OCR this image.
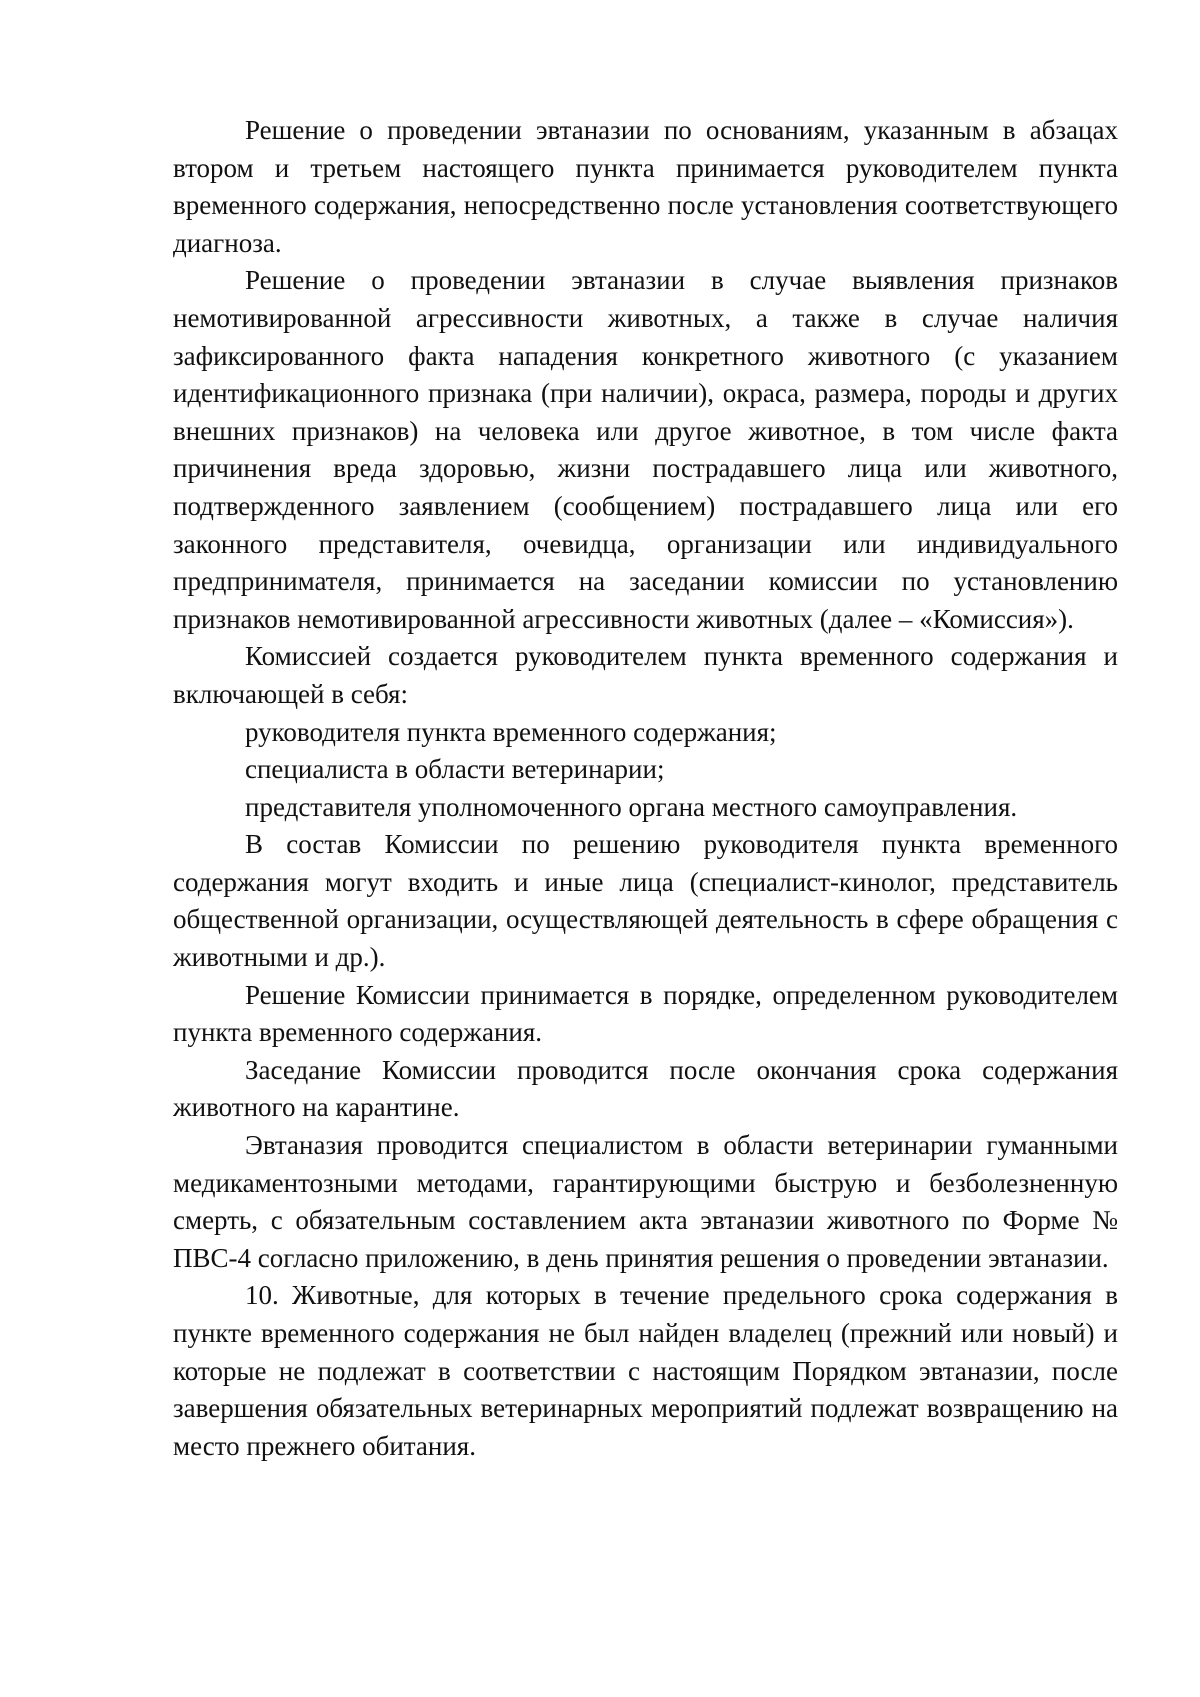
Решение о проведении эвтаназии по основаниям, указанным в абзацах втором и третьем настоящего пункта принимается руководителем пункта временного содержания, непосредственно после установления соответствующего диагноза.

Решение о проведении эвтаназии в случае выявления признаков немотивированной агрессивности животных, а также в случае наличия зафиксированного факта нападения конкретного животного (с указанием идентификационного признака (при наличии), окраса, размера, породы и других внешних признаков) на человека или другое животное, в том числе факта причинения вреда здоровью, жизни пострадавшего лица или животного, подтвержденного заявлением (сообщением) пострадавшего лица или его законного представителя, очевидца, организации или индивидуального предпринимателя, принимается на заседании комиссии по установлению признаков немотивированной агрессивности животных (далее – «Комиссия»).

Комиссией создается руководителем пункта временного содержания и включающей в себя:

руководителя пункта временного содержания;

специалиста в области ветеринарии;

представителя уполномоченного органа местного самоуправления.

В состав Комиссии по решению руководителя пункта временного содержания могут входить и иные лица (специалист-кинолог, представитель общественной организации, осуществляющей деятельность в сфере обращения с животными и др.).

Решение Комиссии принимается в порядке, определенном руководителем пункта временного содержания.

Заседание Комиссии проводится после окончания срока содержания животного на карантине.

Эвтаназия проводится специалистом в области ветеринарии гуманными медикаментозными методами, гарантирующими быструю и безболезненную смерть, с обязательным составлением акта эвтаназии животного по Форме № ПВС-4 согласно приложению, в день принятия решения о проведении эвтаназии.

10. Животные, для которых в течение предельного срока содержания в пункте временного содержания не был найден владелец (прежний или новый) и которые не подлежат в соответствии с настоящим Порядком эвтаназии, после завершения обязательных ветеринарных мероприятий подлежат возвращению на место прежнего обитания.
